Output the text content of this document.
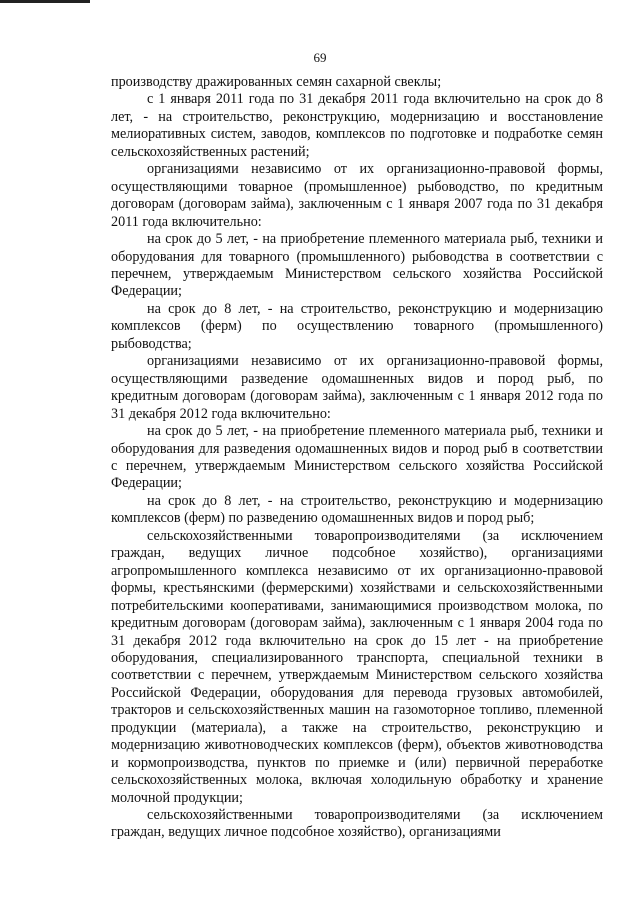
69

производству дражированных семян сахарной свеклы;

с 1 января 2011 года по 31 декабря 2011 года включительно на срок до 8 лет, - на строительство, реконструкцию, модернизацию и восстановление мелиоративных систем, заводов, комплексов по подготовке и подработке семян сельскохозяйственных растений;

организациями независимо от их организационно-правовой формы, осуществляющими товарное (промышленное) рыбоводство, по кредитным договорам (договорам займа), заключенным с 1 января 2007 года по 31 декабря 2011 года включительно:

на срок до 5 лет, - на приобретение племенного материала рыб, техники и оборудования для товарного (промышленного) рыбоводства в соответствии с перечнем, утверждаемым Министерством сельского хозяйства Российской Федерации;

на срок до 8 лет, - на строительство, реконструкцию и модернизацию комплексов (ферм) по осуществлению товарного (промышленного) рыбоводства;

организациями независимо от их организационно-правовой формы, осуществляющими разведение одомашненных видов и пород рыб, по кредитным договорам (договорам займа), заключенным с 1 января 2012 года по 31 декабря 2012 года включительно:

на срок до 5 лет, - на приобретение племенного материала рыб, техники и оборудования для разведения одомашненных видов и пород рыб в соответствии с перечнем, утверждаемым Министерством сельского хозяйства Российской Федерации;

на срок до 8 лет, - на строительство, реконструкцию и модернизацию комплексов (ферм) по разведению одомашненных видов и пород рыб;

сельскохозяйственными товаропроизводителями (за исключением граждан, ведущих личное подсобное хозяйство), организациями агропромышленного комплекса независимо от их организационно-правовой формы, крестьянскими (фермерскими) хозяйствами и сельскохозяйственными потребительскими кооперативами, занимающимися производством молока, по кредитным договорам (договорам займа), заключенным с 1 января 2004 года по 31 декабря 2012 года включительно на срок до 15 лет - на приобретение оборудования, специализированного транспорта, специальной техники в соответствии с перечнем, утверждаемым Министерством сельского хозяйства Российской Федерации, оборудования для перевода грузовых автомобилей, тракторов и сельскохозяйственных машин на газомоторное топливо, племенной продукции (материала), а также на строительство, реконструкцию и модернизацию животноводческих комплексов (ферм), объектов животноводства и кормопроизводства, пунктов по приемке и (или) первичной переработке сельскохозяйственных молока, включая холодильную обработку и хранение молочной продукции;

сельскохозяйственными товаропроизводителями (за исключением граждан, ведущих личное подсобное хозяйство), организациями
